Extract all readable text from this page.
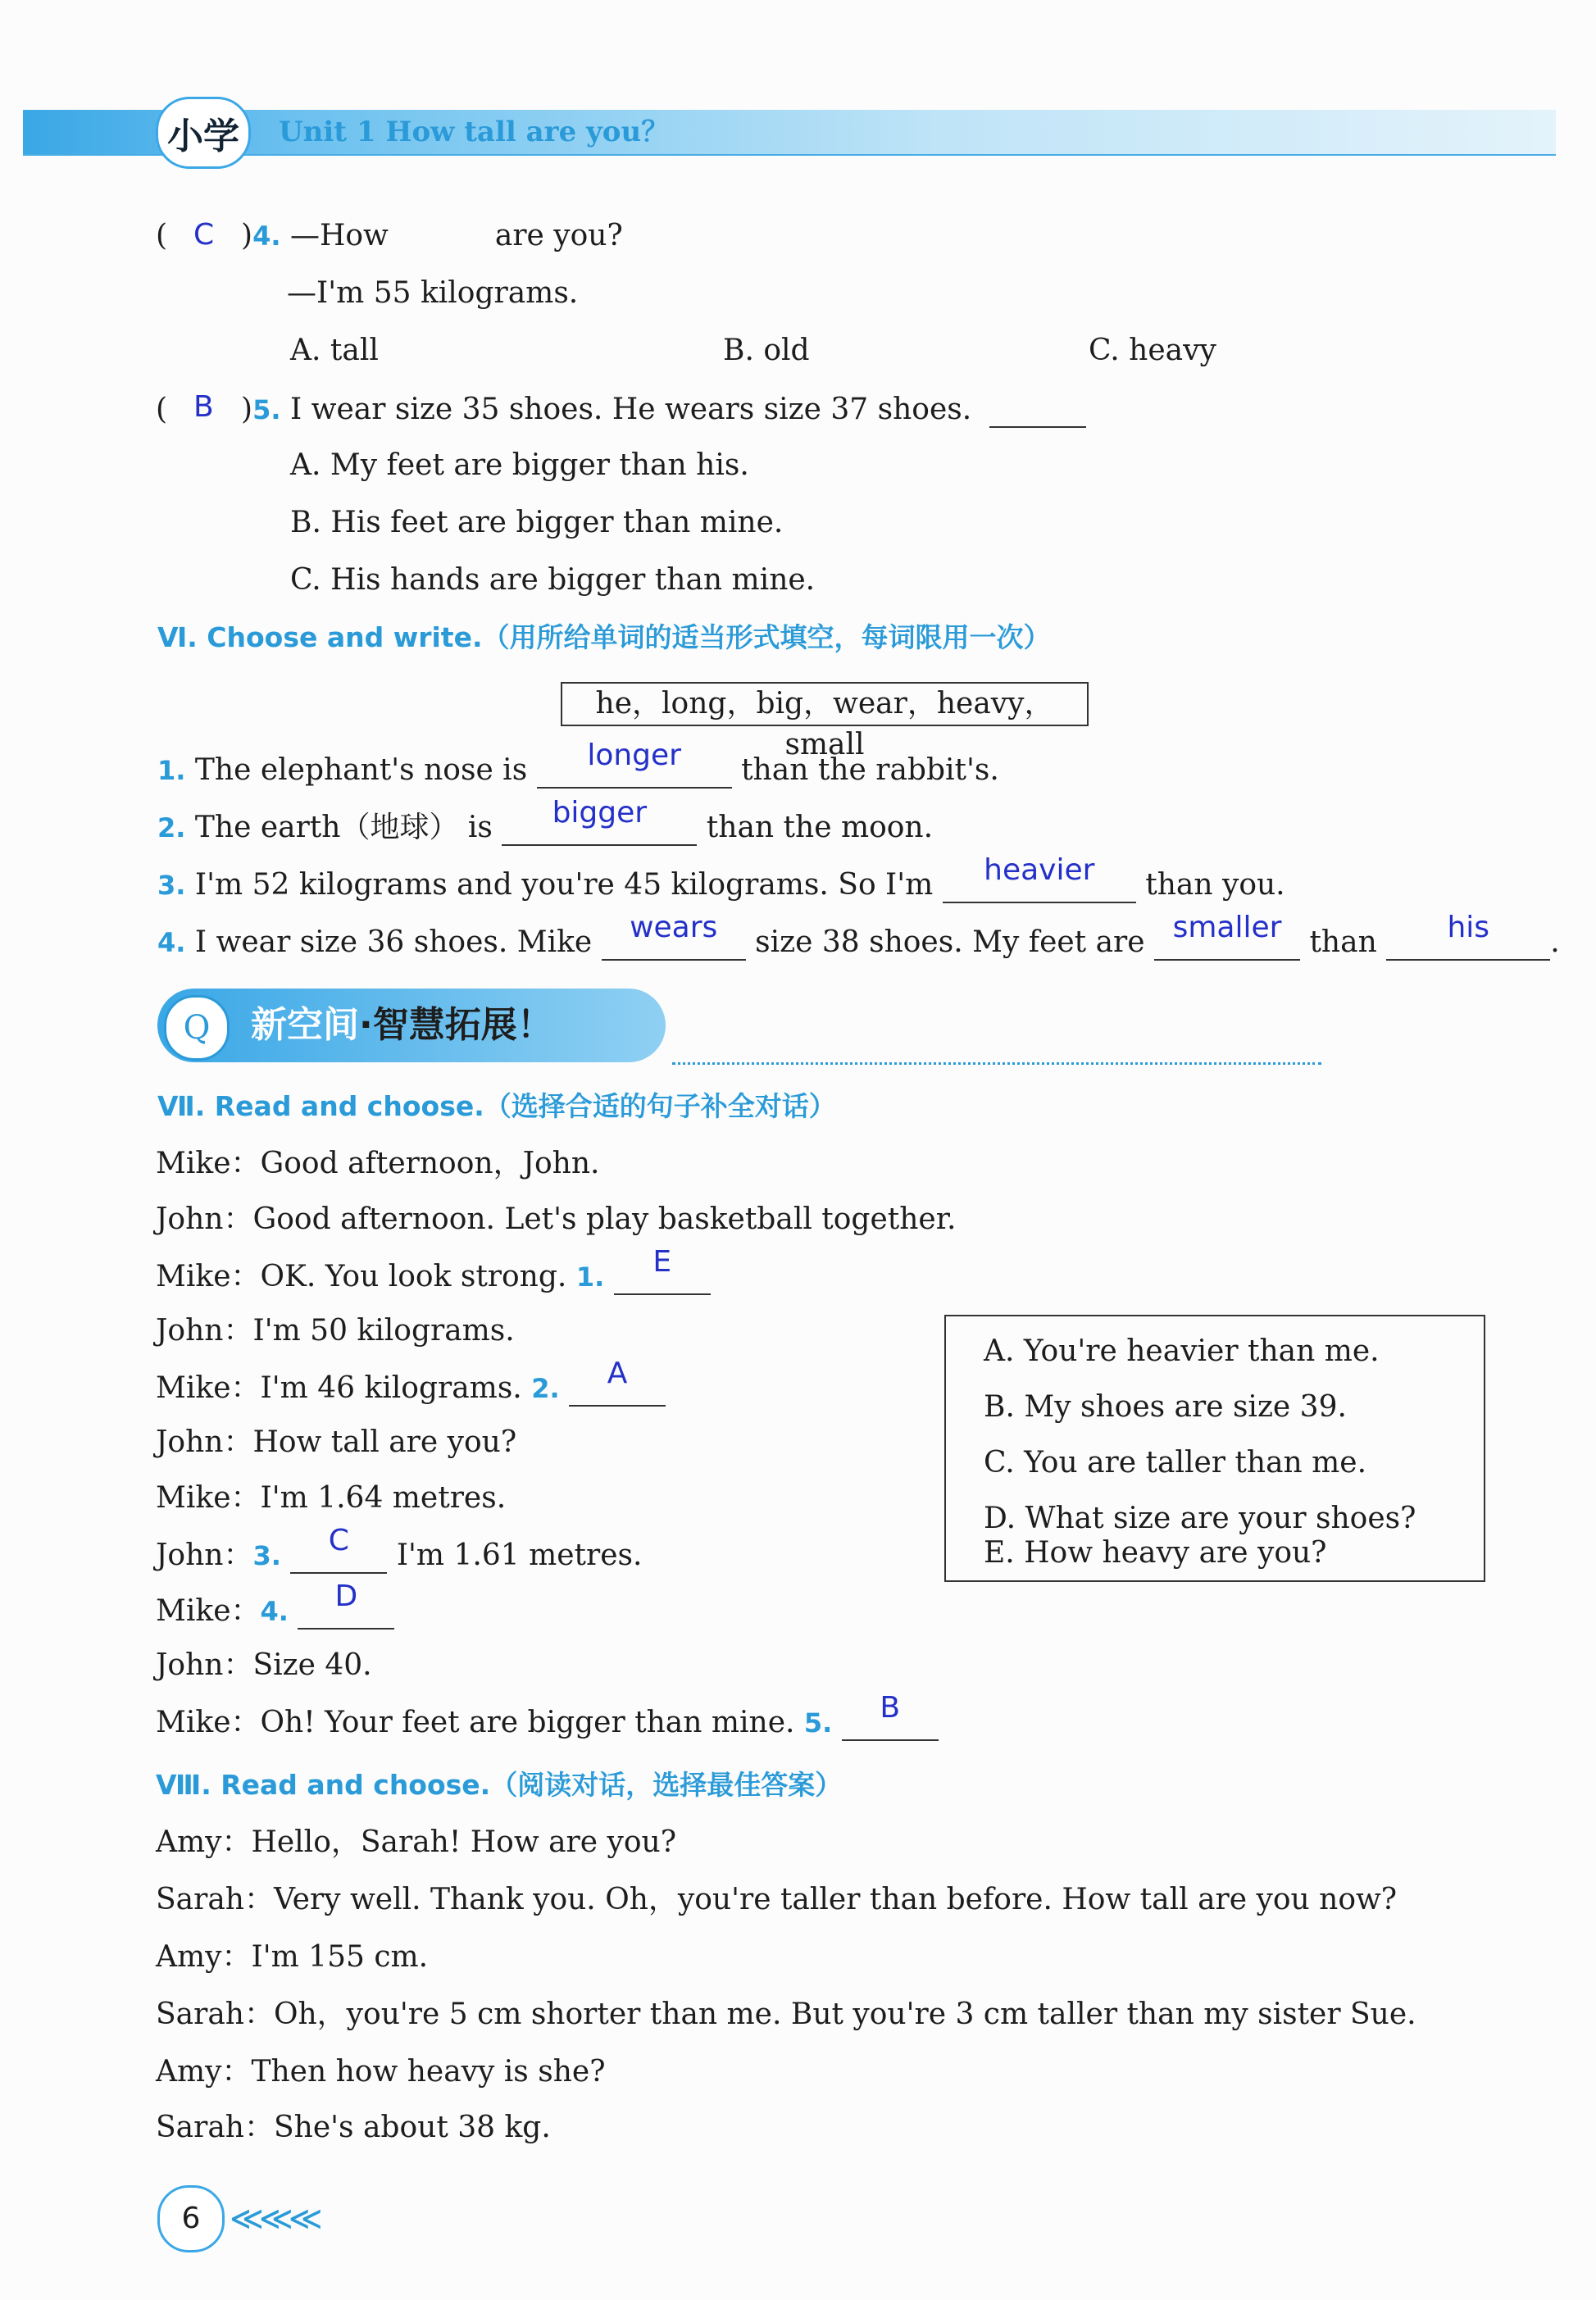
小学	Unit 1 How tall are you？
(	)4. —How	are you?
C
—I'm 55 kilograms.
A. tall	B. old	C. heavy
(	)5. I wear size 35 shoes. He wears size 37 shoes.
B
A. My feet are bigger than his.
B. His feet are bigger than mine.
C. His hands are bigger than mine.
Ⅵ. Choose and write.（用所给单词的适当形式填空，每词限用一次）
he，long，big，wear，heavy，small
1. The elephant's nose is	longer	than the rabbit's.
2. The earth（地球） is	bigger	than the moon.
3. I'm 52 kilograms and you're 45 kilograms. So I'm	heavier	than you.
4. I wear size 36 shoes. Mike	wears	size 38 shoes. My feet are smaller than	his	.
Q	新空间·智慧拓展！
Ⅶ. Read and choose.（选择合适的句子补全对话）
Mike：Good afternoon，John.
John：Good afternoon. Let's play basketball together.
Mike：OK. You look strong. 1.	E
John：I'm 50 kilograms.
Mike：I'm 46 kilograms. 2.	A
John：How tall are you?
Mike：I'm 1.64 metres.
John：3.	C	I'm 1.61 metres.
Mike：4.	D
John：Size 40.
Mike：Oh! Your feet are bigger than mine. 5.	B
A. You're heavier than me.
B. My shoes are size 39.
C. You are taller than me.
D. What size are your shoes?
E. How heavy are you?
Ⅷ. Read and choose.（阅读对话，选择最佳答案）
Amy：Hello，Sarah! How are you?
Sarah：Very well. Thank you. Oh，you're taller than before. How tall are you now?
Amy：I'm 155 cm.
Sarah：Oh，you're 5 cm shorter than me. But you're 3 cm taller than my sister Sue.
Amy：Then how heavy is she?
Sarah：She's about 38 kg.
6 ≪≪≪
